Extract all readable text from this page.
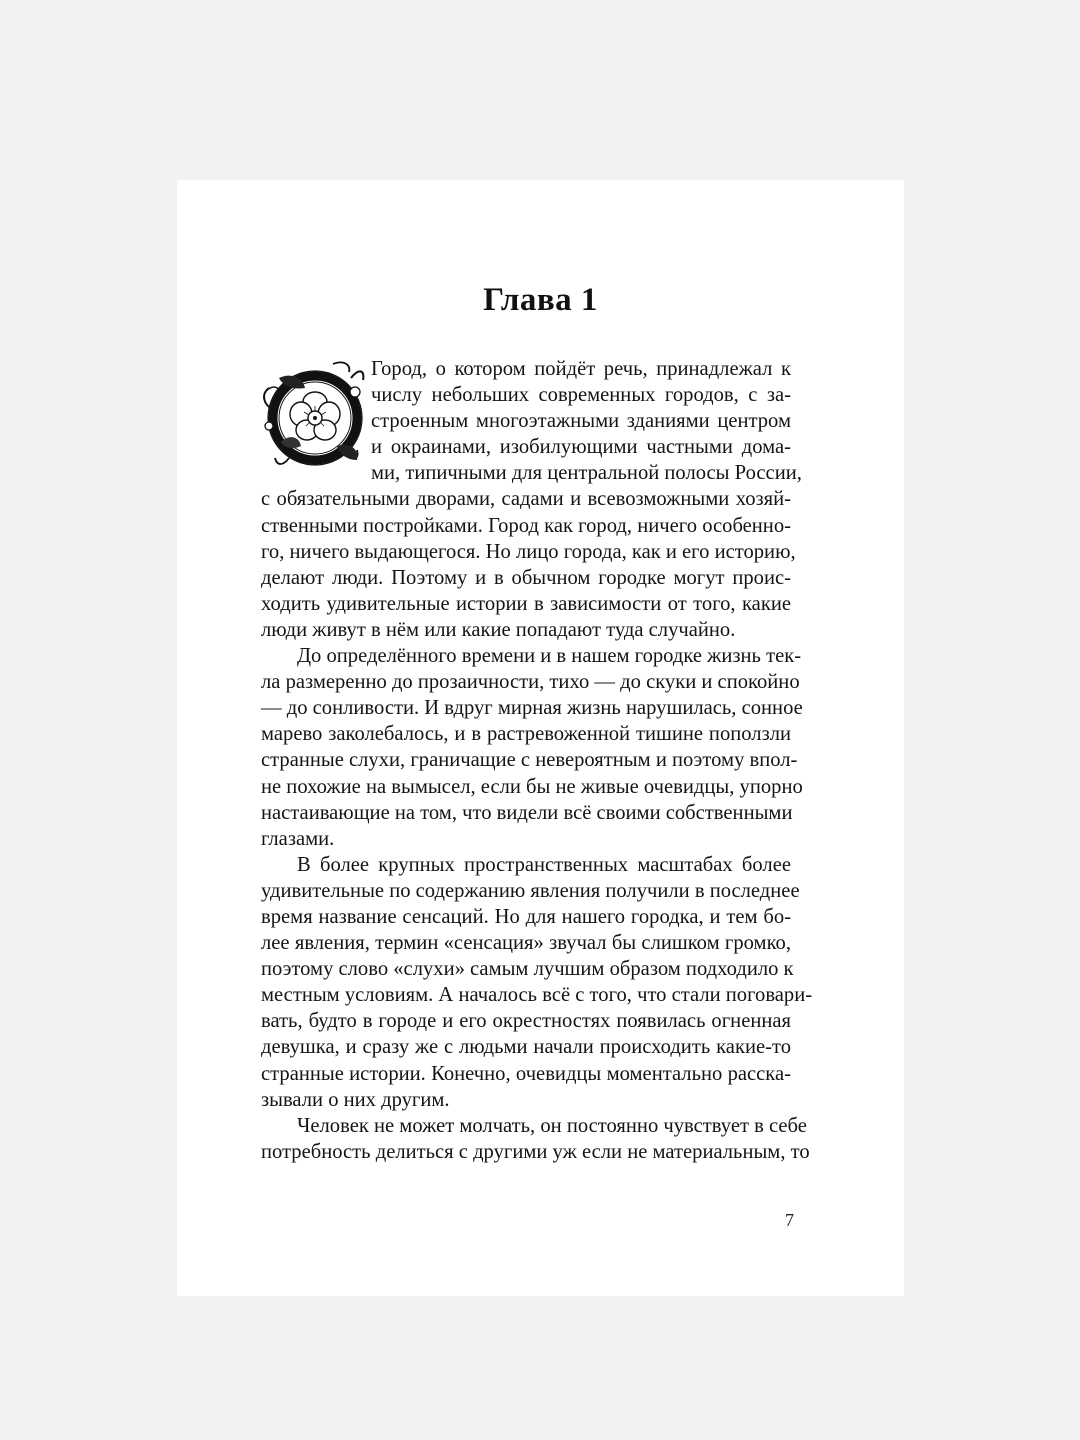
Глава 1
Город, о котором пойдёт речь, принадлежал к
числу небольших современных городов, с за-
строенным многоэтажными зданиями центром
и окраинами, изобилующими частными дома-
ми, типичными для центральной полосы России,
с обязательными дворами, садами и всевозможными хозяй-
ственными постройками. Город как город, ничего особенно-
го, ничего выдающегося. Но лицо города, как и его историю,
делают люди. Поэтому и в обычном городке могут проис-
ходить удивительные истории в зависимости от того, какие
люди живут в нём или какие попадают туда случайно.
До определённого времени и в нашем городке жизнь тек-
ла размеренно до прозаичности, тихо — до скуки и спокойно
— до сонливости. И вдруг мирная жизнь нарушилась, сонное
марево заколебалось, и в растревоженной тишине поползли
странные слухи, граничащие с невероятным и поэтому впол-
не похожие на вымысел, если бы не живые очевидцы, упорно
настаивающие на том, что видели всё своими собственными
глазами.
В более крупных пространственных масштабах более
удивительные по содержанию явления получили в последнее
время название сенсаций. Но для нашего городка, и тем бо-
лее явления, термин «сенсация» звучал бы слишком громко,
поэтому слово «слухи» самым лучшим образом подходило к
местным условиям. А началось всё с того, что стали поговари-
вать, будто в городе и его окрестностях появилась огненная
девушка, и сразу же с людьми начали происходить какие-то
странные истории. Конечно, очевидцы моментально расска-
зывали о них другим.
Человек не может молчать, он постоянно чувствует в себе
потребность делиться с другими уж если не материальным, то
7
